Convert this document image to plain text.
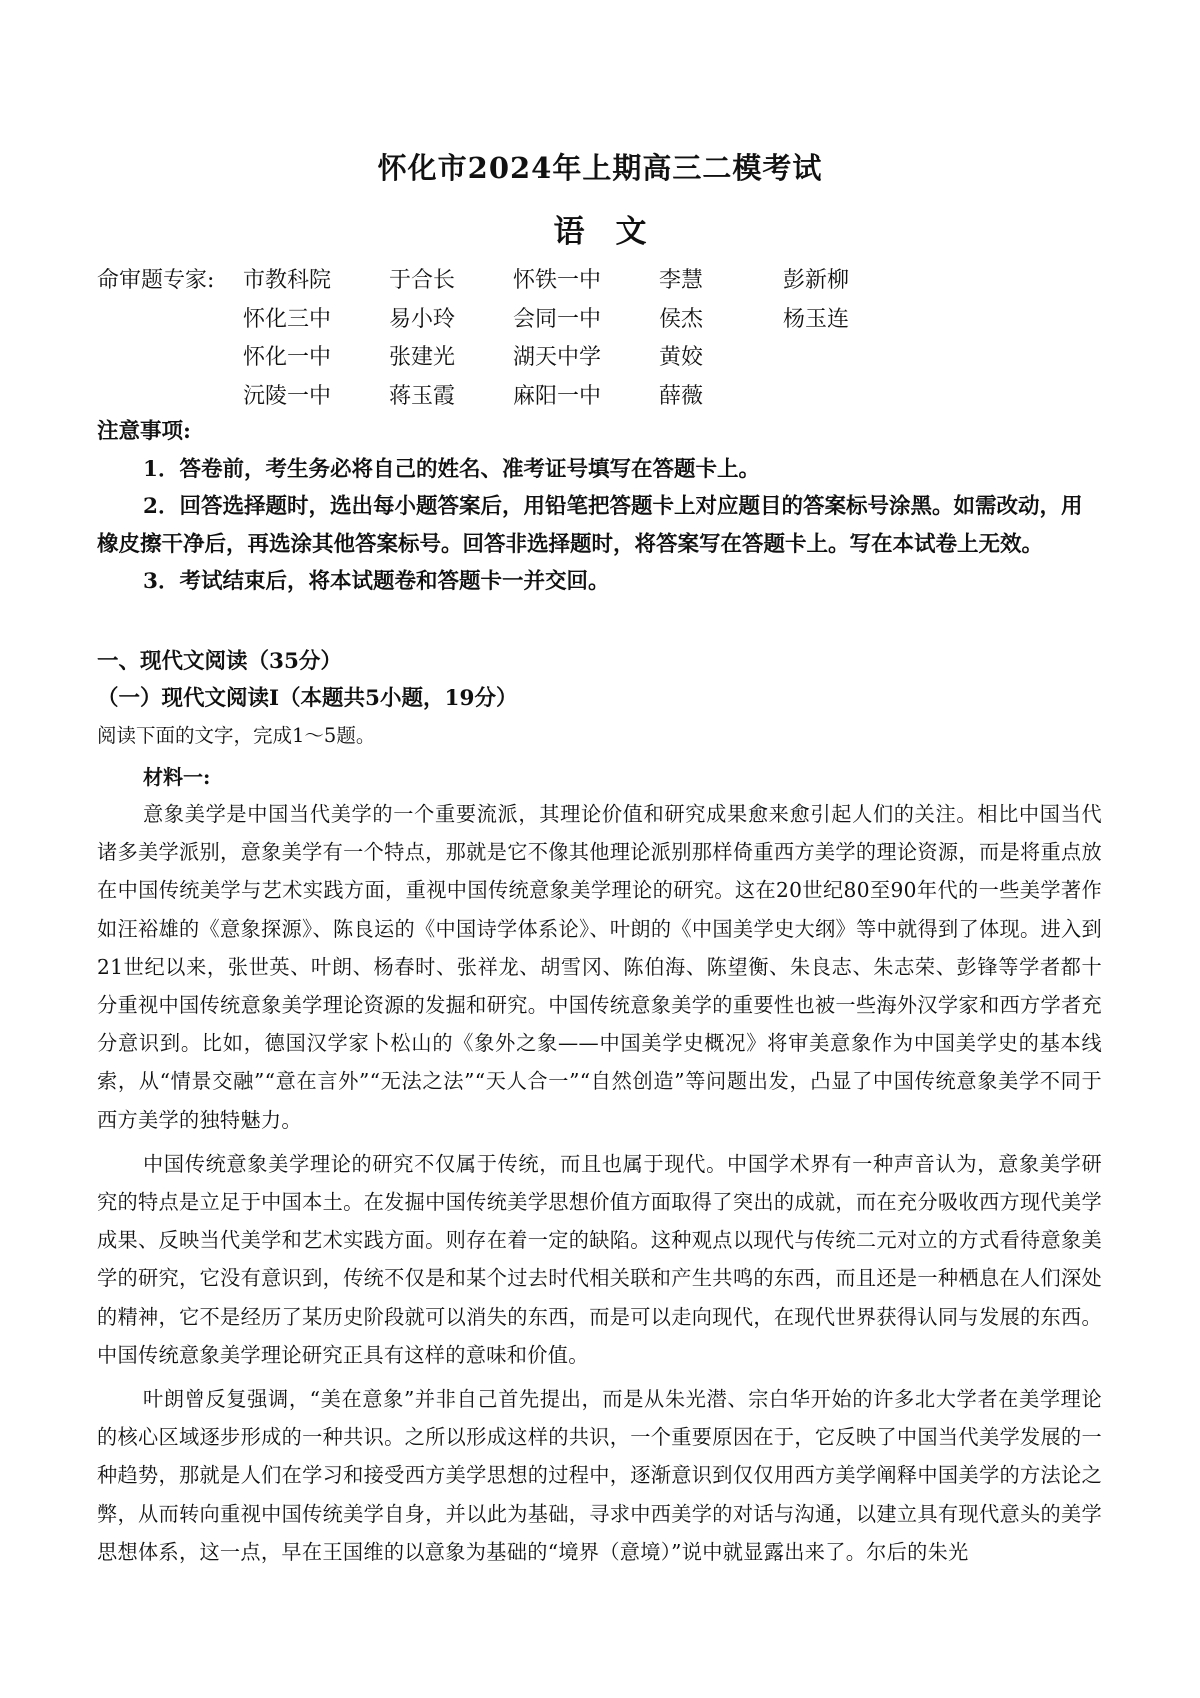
怀化市2024年上期高三二模考试
语　文
命审题专家:	市教科院	于合长	怀铁一中	李慧	彭新柳
怀化三中	易小玲	会同一中	侯杰	杨玉连
怀化一中	张建光	湖天中学	黄姣
沅陵一中	蒋玉霞	麻阳一中	薛薇

注意事项:

1．答卷前，考生务必将自己的姓名、准考证号填写在答题卡上。

2．回答选择题时，选出每小题答案后，用铅笔把答题卡上对应题目的答案标号涂黑。如需改动，用橡皮擦干净后，再选涂其他答案标号。回答非选择题时，将答案写在答题卡上。写在本试卷上无效。

3．考试结束后，将本试题卷和答题卡一并交回。

一、现代文阅读（35分）
（一）现代文阅读Ⅰ（本题共5小题，19分）
阅读下面的文字，完成1～5题。
材料一:

意象美学是中国当代美学的一个重要流派，其理论价值和研究成果愈来愈引起人们的关注。相比中国当代诸多美学派别，意象美学有一个特点，那就是它不像其他理论派别那样倚重西方美学的理论资源，而是将重点放在中国传统美学与艺术实践方面，重视中国传统意象美学理论的研究。这在20世纪80至90年代的一些美学著作如汪裕雄的《意象探源》、陈良运的《中国诗学体系论》、叶朗的《中国美学史大纲》等中就得到了体现。进入到21世纪以来，张世英、叶朗、杨春时、张祥龙、胡雪冈、陈伯海、陈望衡、朱良志、朱志荣、彭锋等学者都十分重视中国传统意象美学理论资源的发掘和研究。中国传统意象美学的重要性也被一些海外汉学家和西方学者充分意识到。比如，德国汉学家卜松山的《象外之象——中国美学史概况》将审美意象作为中国美学史的基本线索，从“情景交融”“意在言外”“无法之法”“天人合一”“自然创造”等问题出发，凸显了中国传统意象美学不同于西方美学的独特魅力。

中国传统意象美学理论的研究不仅属于传统，而且也属于现代。中国学术界有一种声音认为，意象美学研究的特点是立足于中国本土。在发掘中国传统美学思想价值方面取得了突出的成就，而在充分吸收西方现代美学成果、反映当代美学和艺术实践方面。则存在着一定的缺陷。这种观点以现代与传统二元对立的方式看待意象美学的研究，它没有意识到，传统不仅是和某个过去时代相关联和产生共鸣的东西，而且还是一种栖息在人们深处的精神，它不是经历了某历史阶段就可以消失的东西，而是可以走向现代，在现代世界获得认同与发展的东西。中国传统意象美学理论研究正具有这样的意味和价值。

叶朗曾反复强调，“美在意象”并非自己首先提出，而是从朱光潜、宗白华开始的许多北大学者在美学理论的核心区域逐步形成的一种共识。之所以形成这样的共识，一个重要原因在于，它反映了中国当代美学发展的一种趋势，那就是人们在学习和接受西方美学思想的过程中，逐渐意识到仅仅用西方美学阐释中国美学的方法论之弊，从而转向重视中国传统美学自身，并以此为基础，寻求中西美学的对话与沟通，以建立具有现代意头的美学思想体系，这一点，早在王国维的以意象为基础的“境界（意境）”说中就显露出来了。尔后的朱光
